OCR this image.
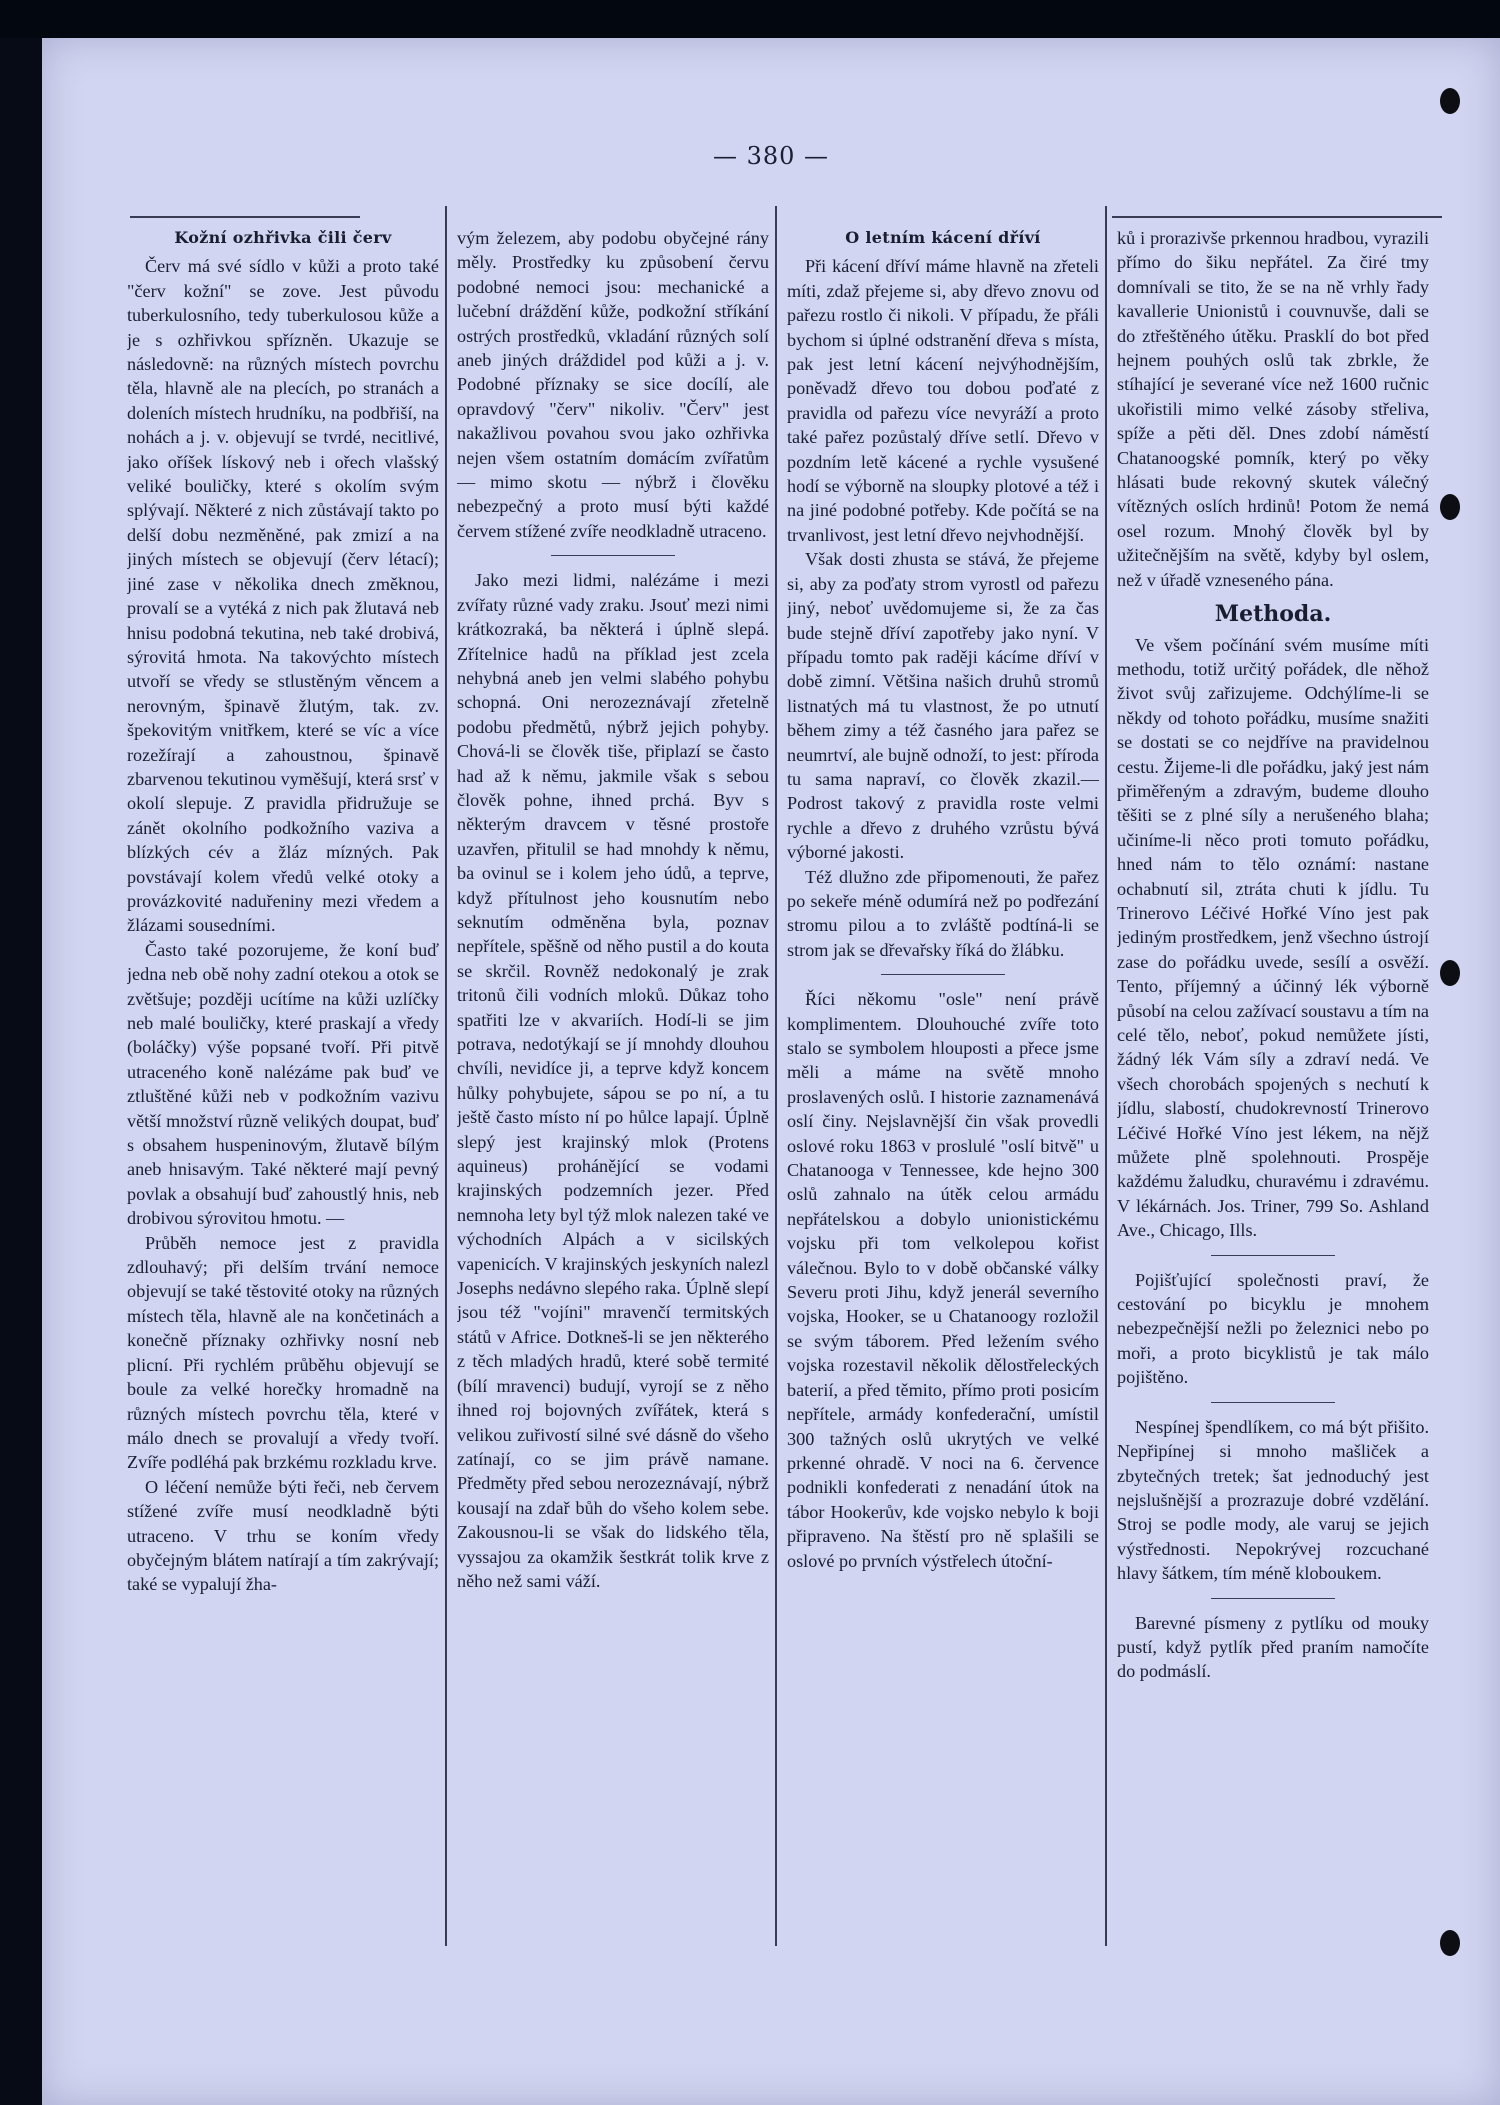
— 380 —
Kožní ozhřivka čili červ

Červ má své sídlo v kůži a proto také "červ kožní" se zove. Jest původu tuberkulosního, tedy tuberkulosou kůže a je s ozhřivkou spřízněn. Ukazuje se následovně: na různých místech povrchu těla, hlavně ale na plecích, po stranách a doleních místech hrudníku, na podbřiší, na nohách a j. v. objevují se tvrdé, necitlivé, jako oříšek lískový neb i ořech vlašský veliké bouličky, které s okolím svým splývají. Některé z nich zůstávají takto po delší dobu nezměněné, pak zmizí a na jiných místech se objevují (červ létací); jiné zase v několika dnech změknou, provalí se a vytéká z nich pak žlutavá neb hnisu podobná tekutina, neb také drobivá, sýrovitá hmota. Na takovýchto místech utvoří se vředy se stlustěným věncem a nerovným, špinavě žlutým, tak. zv. špekovitým vnitřkem, které se víc a více rozežírají a zahoustnou, špinavě zbarvenou tekutinou vyměšují, která srsť v okolí slepuje. Z pravidla přidružuje se zánět okolního podkožního vaziva a blízkých cév a žláz mízných. Pak povstávají kolem vředů velké otoky a provázkovité naduřeniny mezi vředem a žlázami sousedními.

Často také pozorujeme, že koní buď jedna neb obě nohy zadní otekou a otok se zvětšuje; později ucítíme na kůži uzlíčky neb malé bouličky, které praskají a vředy (boláčky) výše popsané tvoří. Při pitvě utraceného koně nalézáme pak buď ve ztluštěné kůži neb v podkožním vazivu větší množství různě velikých doupat, buď s obsahem huspeninovým, žlutavě bílým aneb hnisavým. Také některé mají pevný povlak a obsahují buď zahoustlý hnis, neb drobivou sýrovitou hmotu. —

Průběh nemoce jest z pravidla zdlouhavý; při delším trvání nemoce objevují se také těstovité otoky na různých místech těla, hlavně ale na končetinách a konečně příznaky ozhřivky nosní neb plicní. Při rychlém průběhu objevují se boule za velké horečky hromadně na různých místech povrchu těla, které v málo dnech se provalují a vředy tvoří. Zvíře podléhá pak brzkému rozkladu krve.

O léčení nemůže býti řeči, neb červem stížené zvíře musí neodkladně býti utraceno. V trhu se koním vředy obyčejným blátem natírají a tím zakrývají; také se vypalují žha-

vým železem, aby podobu obyčejné rány měly. Prostředky ku způsobení červu podobné nemoci jsou: mechanické a lučební dráždění kůže, podkožní stříkání ostrých prostředků, vkladání různých solí aneb jiných dráždidel pod kůži a j. v. Podobné příznaky se sice docílí, ale opravdový "červ" nikoliv. "Červ" jest nakažlivou povahou svou jako ozhřivka nejen všem ostatním domácím zvířatům — mimo skotu — nýbrž i člověku nebezpečný a proto musí býti každé červem stížené zvíře neodkladně utraceno.

Jako mezi lidmi, nalézáme i mezi zvířaty různé vady zraku. Jsouť mezi nimi krátkozraká, ba některá i úplně slepá. Zřítelnice hadů na příklad jest zcela nehybná aneb jen velmi slabého pohybu schopná. Oni nerozeznávají zřetelně podobu předmětů, nýbrž jejich pohyby. Chová-li se člověk tiše, připlazí se často had až k němu, jakmile však s sebou člověk pohne, ihned prchá. Byv s některým dravcem v těsné prostoře uzavřen, přitulil se had mnohdy k němu, ba ovinul se i kolem jeho údů, a teprve, když přítulnost jeho kousnutím nebo seknutím odměněna byla, poznav nepřítele, spěšně od něho pustil a do kouta se skrčil. Rovněž nedokonalý je zrak tritonů čili vodních mloků. Důkaz toho spatřiti lze v akvariích. Hodí-li se jim potrava, nedotýkají se jí mnohdy dlouhou chvíli, nevidíce ji, a teprve když koncem hůlky pohybujete, sápou se po ní, a tu ještě často místo ní po hůlce lapají. Úplně slepý jest krajinský mlok (Protens aquineus) prohánějící se vodami krajinských podzemních jezer. Před nemnoha lety byl týž mlok nalezen také ve východních Alpách a v sicilských vapenicích. V krajinských jeskyních nalezl Josephs nedávno slepého raka. Úplně slepí jsou též "vojíni" mravenčí termitských států v Africe. Dotkneš-li se jen některého z těch mladých hradů, které sobě termité (bílí mravenci) budují, vyrojí se z něho ihned roj bojovných zvířátek, která s velikou zuřivostí silné své dásně do všeho zatínají, co se jim právě namane. Předměty před sebou nerozeznávají, nýbrž kousají na zdař bůh do všeho kolem sebe. Zakousnou-li se však do lidského těla, vyssajou za okamžik šestkrát tolik krve z něho než sami váží.

O letním kácení dříví

Při kácení dříví máme hlavně na zřeteli míti, zdaž přejeme si, aby dřevo znovu od pařezu rostlo či nikoli. V případu, že přáli bychom si úplné odstranění dřeva s místa, pak jest letní kácení nejvýhodnějším, poněvadž dřevo tou dobou poďaté z pravidla od pařezu více nevyráží a proto také pařez pozůstalý dříve setlí. Dřevo v pozdním letě kácené a rychle vysušené hodí se výborně na sloupky plotové a též i na jiné podobné potřeby. Kde počítá se na trvanlivost, jest letní dřevo nejvhodnější.

Však dosti zhusta se stává, že přejeme si, aby za poďaty strom vyrostl od pařezu jiný, neboť uvědomujeme si, že za čas bude stejně dříví zapotřeby jako nyní. V případu tomto pak raději kácíme dříví v době zimní. Většina našich druhů stromů listnatých má tu vlastnost, že po utnutí během zimy a též časného jara pařez se neumrtví, ale bujně odnoží, to jest: příroda tu sama napraví, co člověk zkazil.— Podrost takový z pravidla roste velmi rychle a dřevo z druhého vzrůstu bývá výborné jakosti.

Též dlužno zde připomenouti, že pařez po sekeře méně odumírá než po podřezání stromu pilou a to zvláště podtíná-li se strom jak se dřevařsky říká do žlábku.

Říci někomu "osle" není právě komplimentem. Dlouhouché zvíře toto stalo se symbolem hlouposti a přece jsme měli a máme na světě mnoho proslavených oslů. I historie zaznamenává oslí činy. Nejslavnější čin však provedli oslové roku 1863 v proslulé "oslí bitvě" u Chatanooga v Tennessee, kde hejno 300 oslů zahnalo na útěk celou armádu nepřátelskou a dobylo unionistickému vojsku při tom velkolepou kořist válečnou. Bylo to v době občanské války Severu proti Jihu, když jenerál severního vojska, Hooker, se u Chatanoogy rozložil se svým táborem. Před ležením svého vojska rozestavil několik dělostřeleckých baterií, a před těmito, přímo proti posicím nepřítele, armády konfederační, umístil 300 tažných oslů ukrytých ve velké prkenné ohradě. V noci na 6. července podnikli konfederati z nenadání útok na tábor Hookerův, kde vojsko nebylo k boji připraveno. Na štěstí pro ně splašili se oslové po prvních výstřelech útoční-

ků i prorazivše prkennou hradbou, vyrazili přímo do šiku nepřátel. Za čiré tmy domnívali se tito, že se na ně vrhly řady kavallerie Unionistů i couvnuvše, dali se do ztřeštěného útěku. Prasklí do bot před hejnem pouhých oslů tak zbrkle, že stíhající je severané více než 1600 ručnic ukořistili mimo velké zásoby střeliva, spíže a pěti děl. Dnes zdobí náměstí Chatanoogské pomník, který po věky hlásati bude rekovný skutek válečný vítězných oslích hrdinů! Potom že nemá osel rozum. Mnohý člověk byl by užitečnějším na světě, kdyby byl oslem, než v úřadě vzneseného pána.

Methoda.

Ve všem počínání svém musíme míti methodu, totiž určitý pořádek, dle něhož život svůj zařizujeme. Odchýlíme-li se někdy od tohoto pořádku, musíme snažiti se dostati se co nejdříve na pravidelnou cestu. Žijeme-li dle pořádku, jaký jest nám přiměřeným a zdravým, budeme dlouho těšiti se z plné síly a nerušeného blaha; učiníme-li něco proti tomuto pořádku, hned nám to tělo oznámí: nastane ochabnutí sil, ztráta chuti k jídlu. Tu Trinerovo Léčivé Hořké Víno jest pak jediným prostředkem, jenž všechno ústrojí zase do pořádku uvede, sesílí a osvěží. Tento, příjemný a účinný lék výborně působí na celou zažívací soustavu a tím na celé tělo, neboť, pokud nemůžete jísti, žádný lék Vám síly a zdraví nedá. Ve všech chorobách spojených s nechutí k jídlu, slabostí, chudokrevností Trinerovo Léčivé Hořké Víno jest lékem, na nějž můžete plně spolehnouti. Prospěje každému žaludku, churavému i zdravému. V lékárnách. Jos. Triner, 799 So. Ashland Ave., Chicago, Ills.

Pojišťující společnosti praví, že cestování po bicyklu je mnohem nebezpečnější nežli po železnici nebo po moři, a proto bicyklistů je tak málo pojištěno.

Nespínej špendlíkem, co má být přišito. Nepřipínej si mnoho mašliček a zbytečných tretek; šat jednoduchý jest nejslušnější a prozrazuje dobré vzdělání. Stroj se podle mody, ale varuj se jejich výstřednosti. Nepokrývej rozcuchané hlavy šátkem, tím méně kloboukem.

Barevné písmeny z pytlíku od mouky pustí, když pytlík před praním namočíte do podmáslí.
